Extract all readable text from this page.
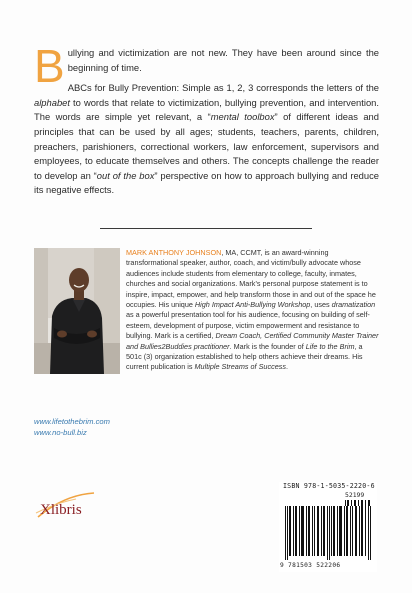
Bullying and victimization are not new. They have been around since the beginning of time.

ABCs for Bully Prevention: Simple as 1, 2, 3 corresponds the letters of the alphabet to words that relate to victimization, bullying prevention, and intervention. The words are simple yet relevant, a “mental toolbox” of different ideas and principles that can be used by all ages; students, teachers, parents, children, preachers, parishioners, correctional workers, law enforcement, supervisors and employees, to educate themselves and others. The concepts challenge the reader to develop an “out of the box” perspective on how to approach bullying and reduce its negative effects.

MARK ANTHONY JOHNSON, MA, CCMT, is an award-winning transformational speaker, author, coach, and victim/bully advocate whose audiences include students from elementary to college, faculty, inmates, churches and social organizations. Mark’s personal purpose statement is to inspire, impact, empower, and help transform those in and out of the space he occupies. His unique High Impact Anti-Bullying Workshop, uses dramatization as a powerful presentation tool for his audience, focusing on building of self-esteem, development of purpose, victim empowerment and resistance to bullying. Mark is a certified, Dream Coach, Certified Community Master Trainer and Bullies2Buddies practitioner. Mark is the founder of Life to the Brim, a 501c (3) organization established to help others achieve their dreams. His current publication is Multiple Streams of Success.

www.lifetothebrim.com
www.no-bull.biz
Xlibris
ISBN 978-1-5035-2220-6
52199
9 781503 522206
